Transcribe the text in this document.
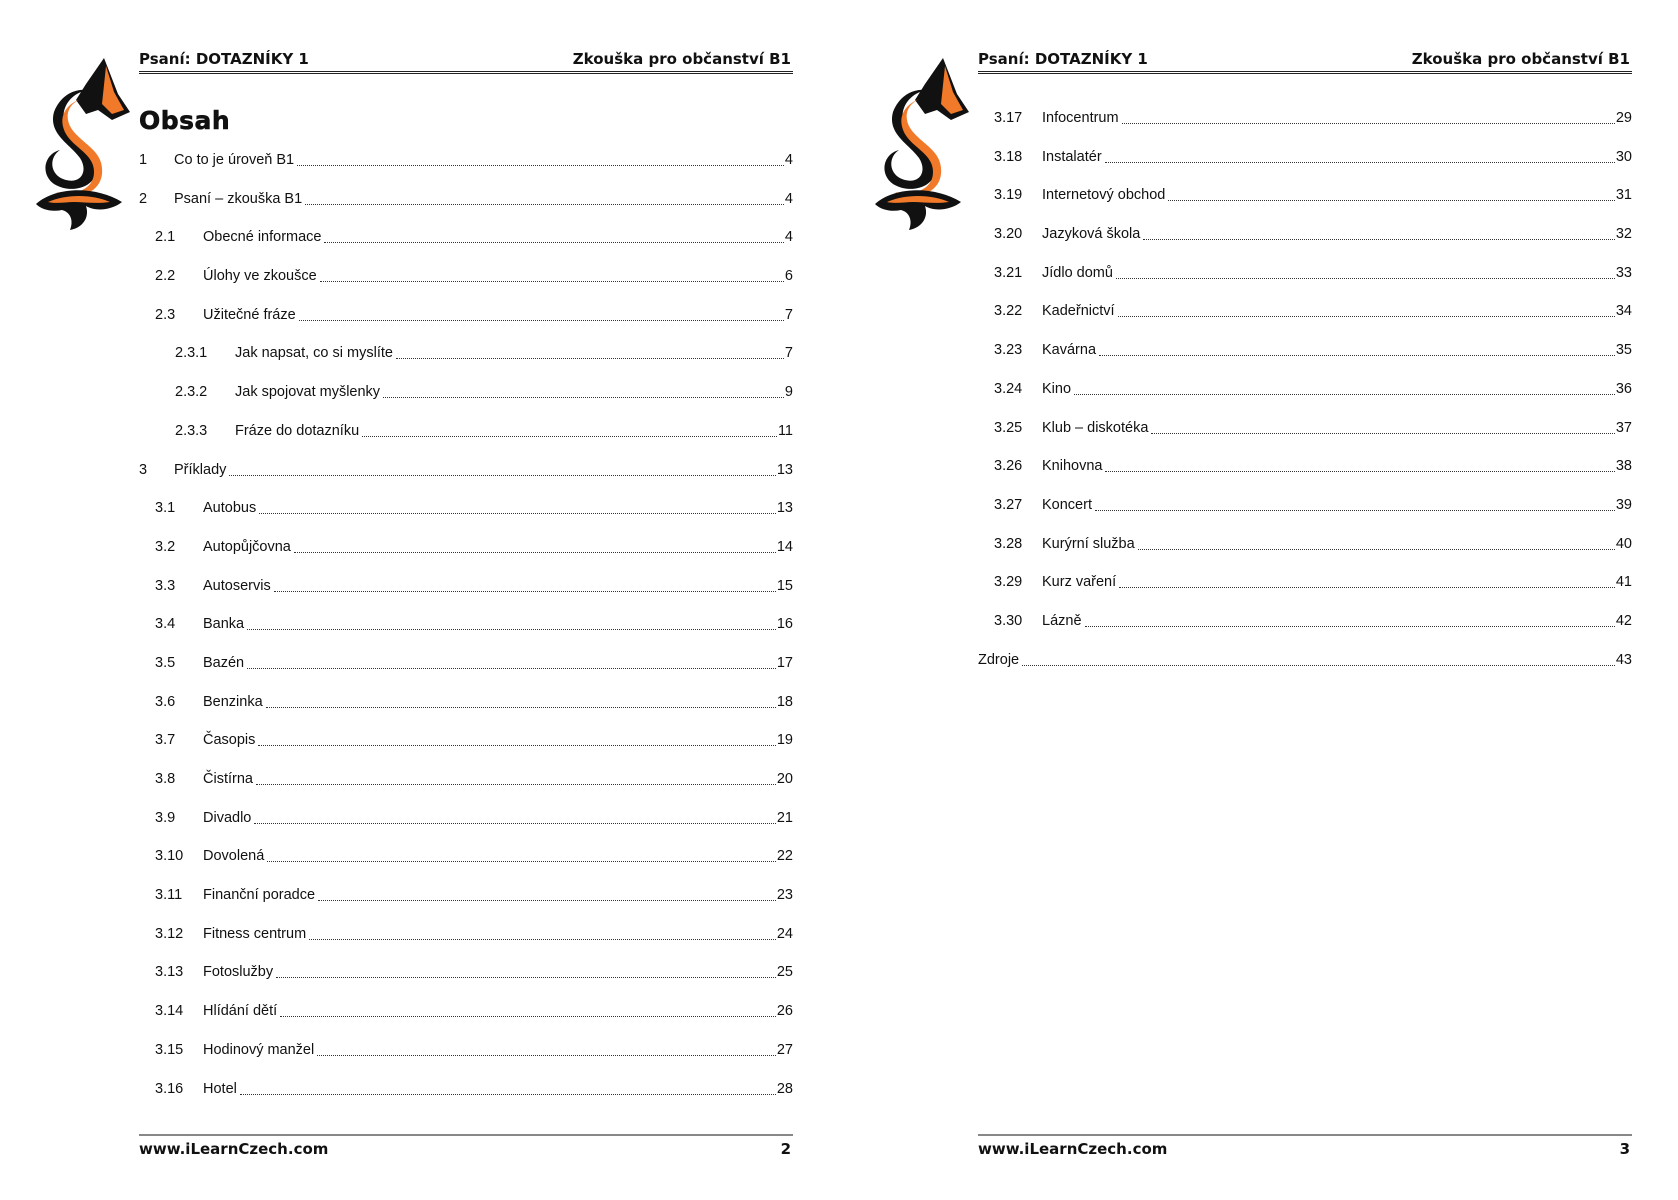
Psaní: DOTAZNÍKY 1	Zkouška pro občanství B1
Obsah
1	Co to je úroveň B1	4
2	Psaní – zkouška B1	4
2.1	Obecné informace	4
2.2	Úlohy ve zkoušce	6
2.3	Užitečné fráze	7
2.3.1	Jak napsat, co si myslíte	7
2.3.2	Jak spojovat myšlenky	9
2.3.3	Fráze do dotazníku	11
3	Příklady	13
3.1	Autobus	13
3.2	Autopůjčovna	14
3.3	Autoservis	15
3.4	Banka	16
3.5	Bazén	17
3.6	Benzinka	18
3.7	Časopis	19
3.8	Čistírna	20
3.9	Divadlo	21
3.10	Dovolená	22
3.11	Finanční poradce	23
3.12	Fitness centrum	24
3.13	Fotoslužby	25
3.14	Hlídání dětí	26
3.15	Hodinový manžel	27
3.16	Hotel	28
www.iLearnCzech.com	2
Psaní: DOTAZNÍKY 1	Zkouška pro občanství B1
3.17	Infocentrum	29
3.18	Instalatér	30
3.19	Internetový obchod	31
3.20	Jazyková škola	32
3.21	Jídlo domů	33
3.22	Kadeřnictví	34
3.23	Kavárna	35
3.24	Kino	36
3.25	Klub – diskotéka	37
3.26	Knihovna	38
3.27	Koncert	39
3.28	Kurýrní služba	40
3.29	Kurz vaření	41
3.30	Lázně	42
Zdroje	43
www.iLearnCzech.com	3
